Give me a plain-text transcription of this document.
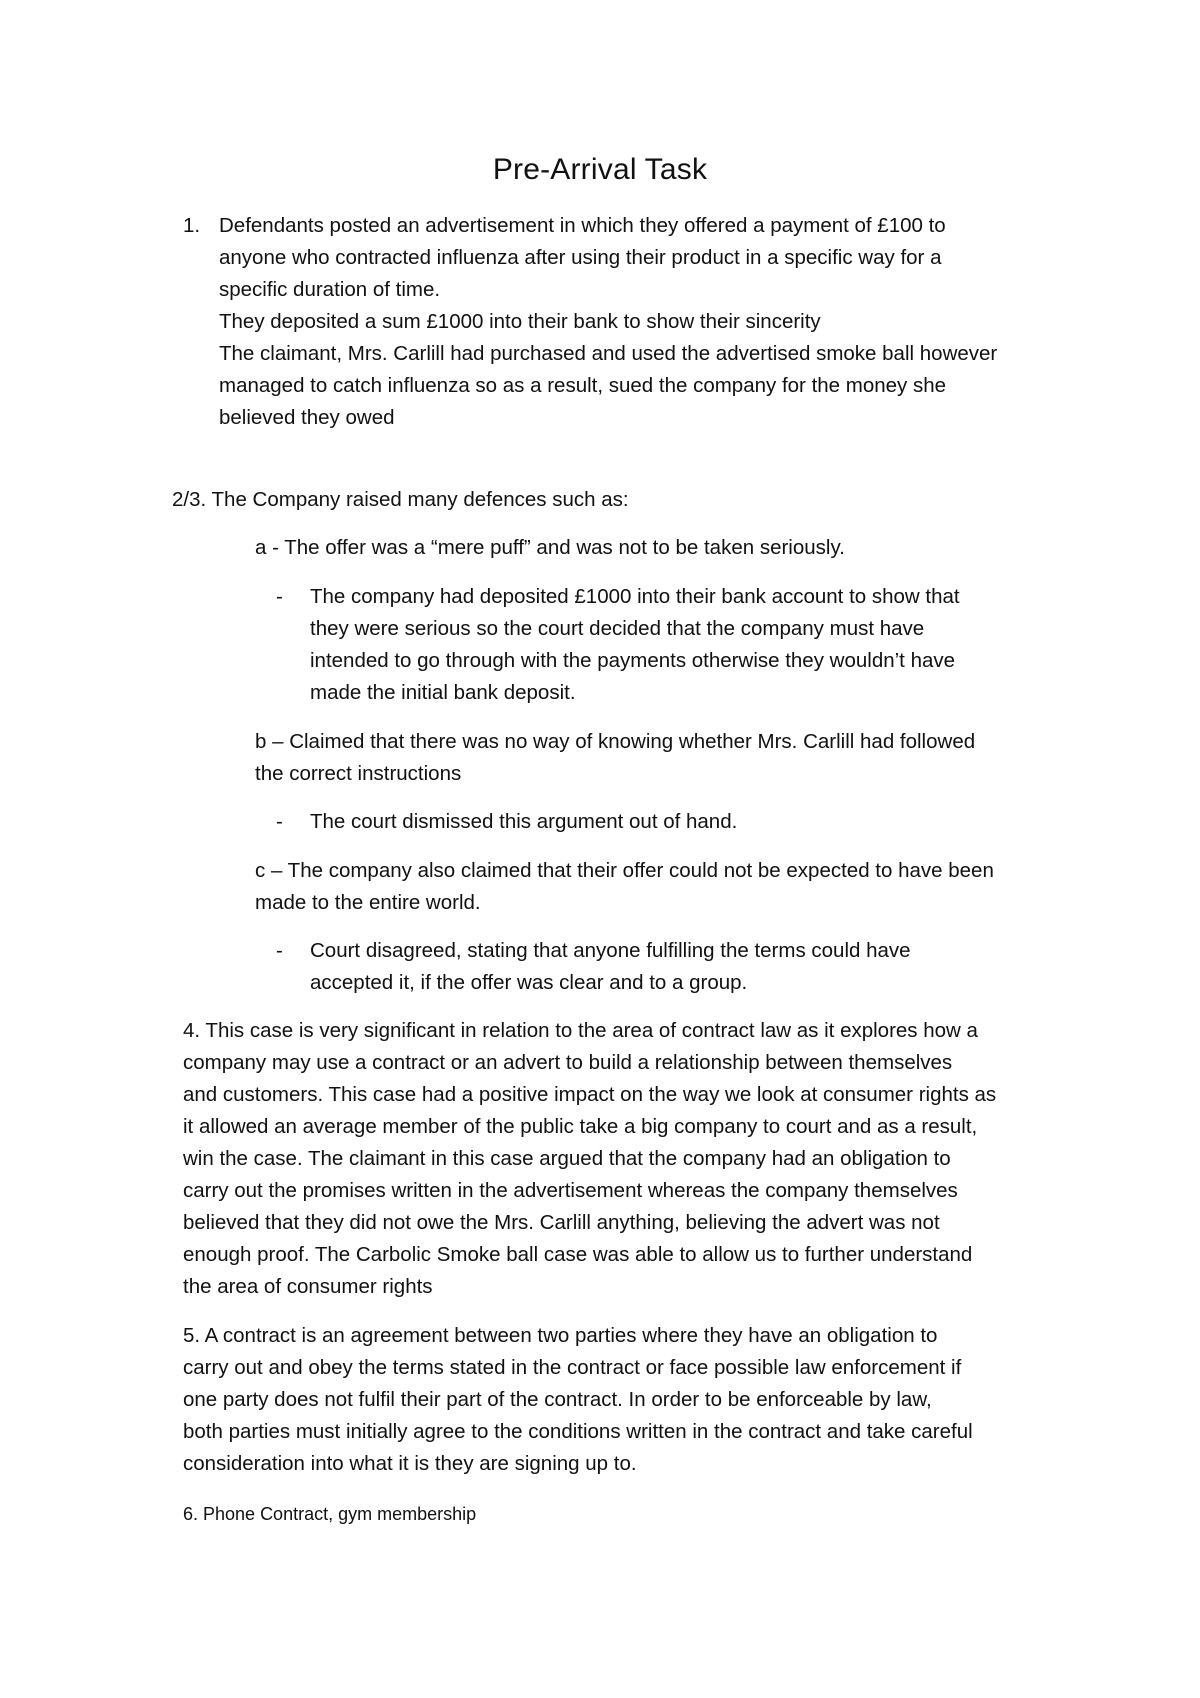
Pre-Arrival Task
1. Defendants posted an advertisement in which they offered a payment of £100 to
anyone who contracted influenza after using their product in a specific way for a
specific duration of time.
They deposited a sum £1000 into their bank to show their sincerity
The claimant, Mrs. Carlill had purchased and used the advertised smoke ball however
managed to catch influenza so as a result, sued the company for the money she
believed they owed
2/3. The Company raised many defences such as:
a - The offer was a “mere puff” and was not to be taken seriously.
- The company had deposited £1000 into their bank account to show that
they were serious so the court decided that the company must have
intended to go through with the payments otherwise they wouldn’t have
made the initial bank deposit.
b – Claimed that there was no way of knowing whether Mrs. Carlill had followed
the correct instructions
- The court dismissed this argument out of hand.
c – The company also claimed that their offer could not be expected to have been
made to the entire world.
- Court disagreed, stating that anyone fulfilling the terms could have
accepted it, if the offer was clear and to a group.
4. This case is very significant in relation to the area of contract law as it explores how a
company may use a contract or an advert to build a relationship between themselves
and customers. This case had a positive impact on the way we look at consumer rights as
it allowed an average member of the public take a big company to court and as a result,
win the case. The claimant in this case argued that the company had an obligation to
carry out the promises written in the advertisement whereas the company themselves
believed that they did not owe the Mrs. Carlill anything, believing the advert was not
enough proof. The Carbolic Smoke ball case was able to allow us to further understand
the area of consumer rights
5. A contract is an agreement between two parties where they have an obligation to
carry out and obey the terms stated in the contract or face possible law enforcement if
one party does not fulfil their part of the contract. In order to be enforceable by law,
both parties must initially agree to the conditions written in the contract and take careful
consideration into what it is they are signing up to.
6. Phone Contract, gym membership
